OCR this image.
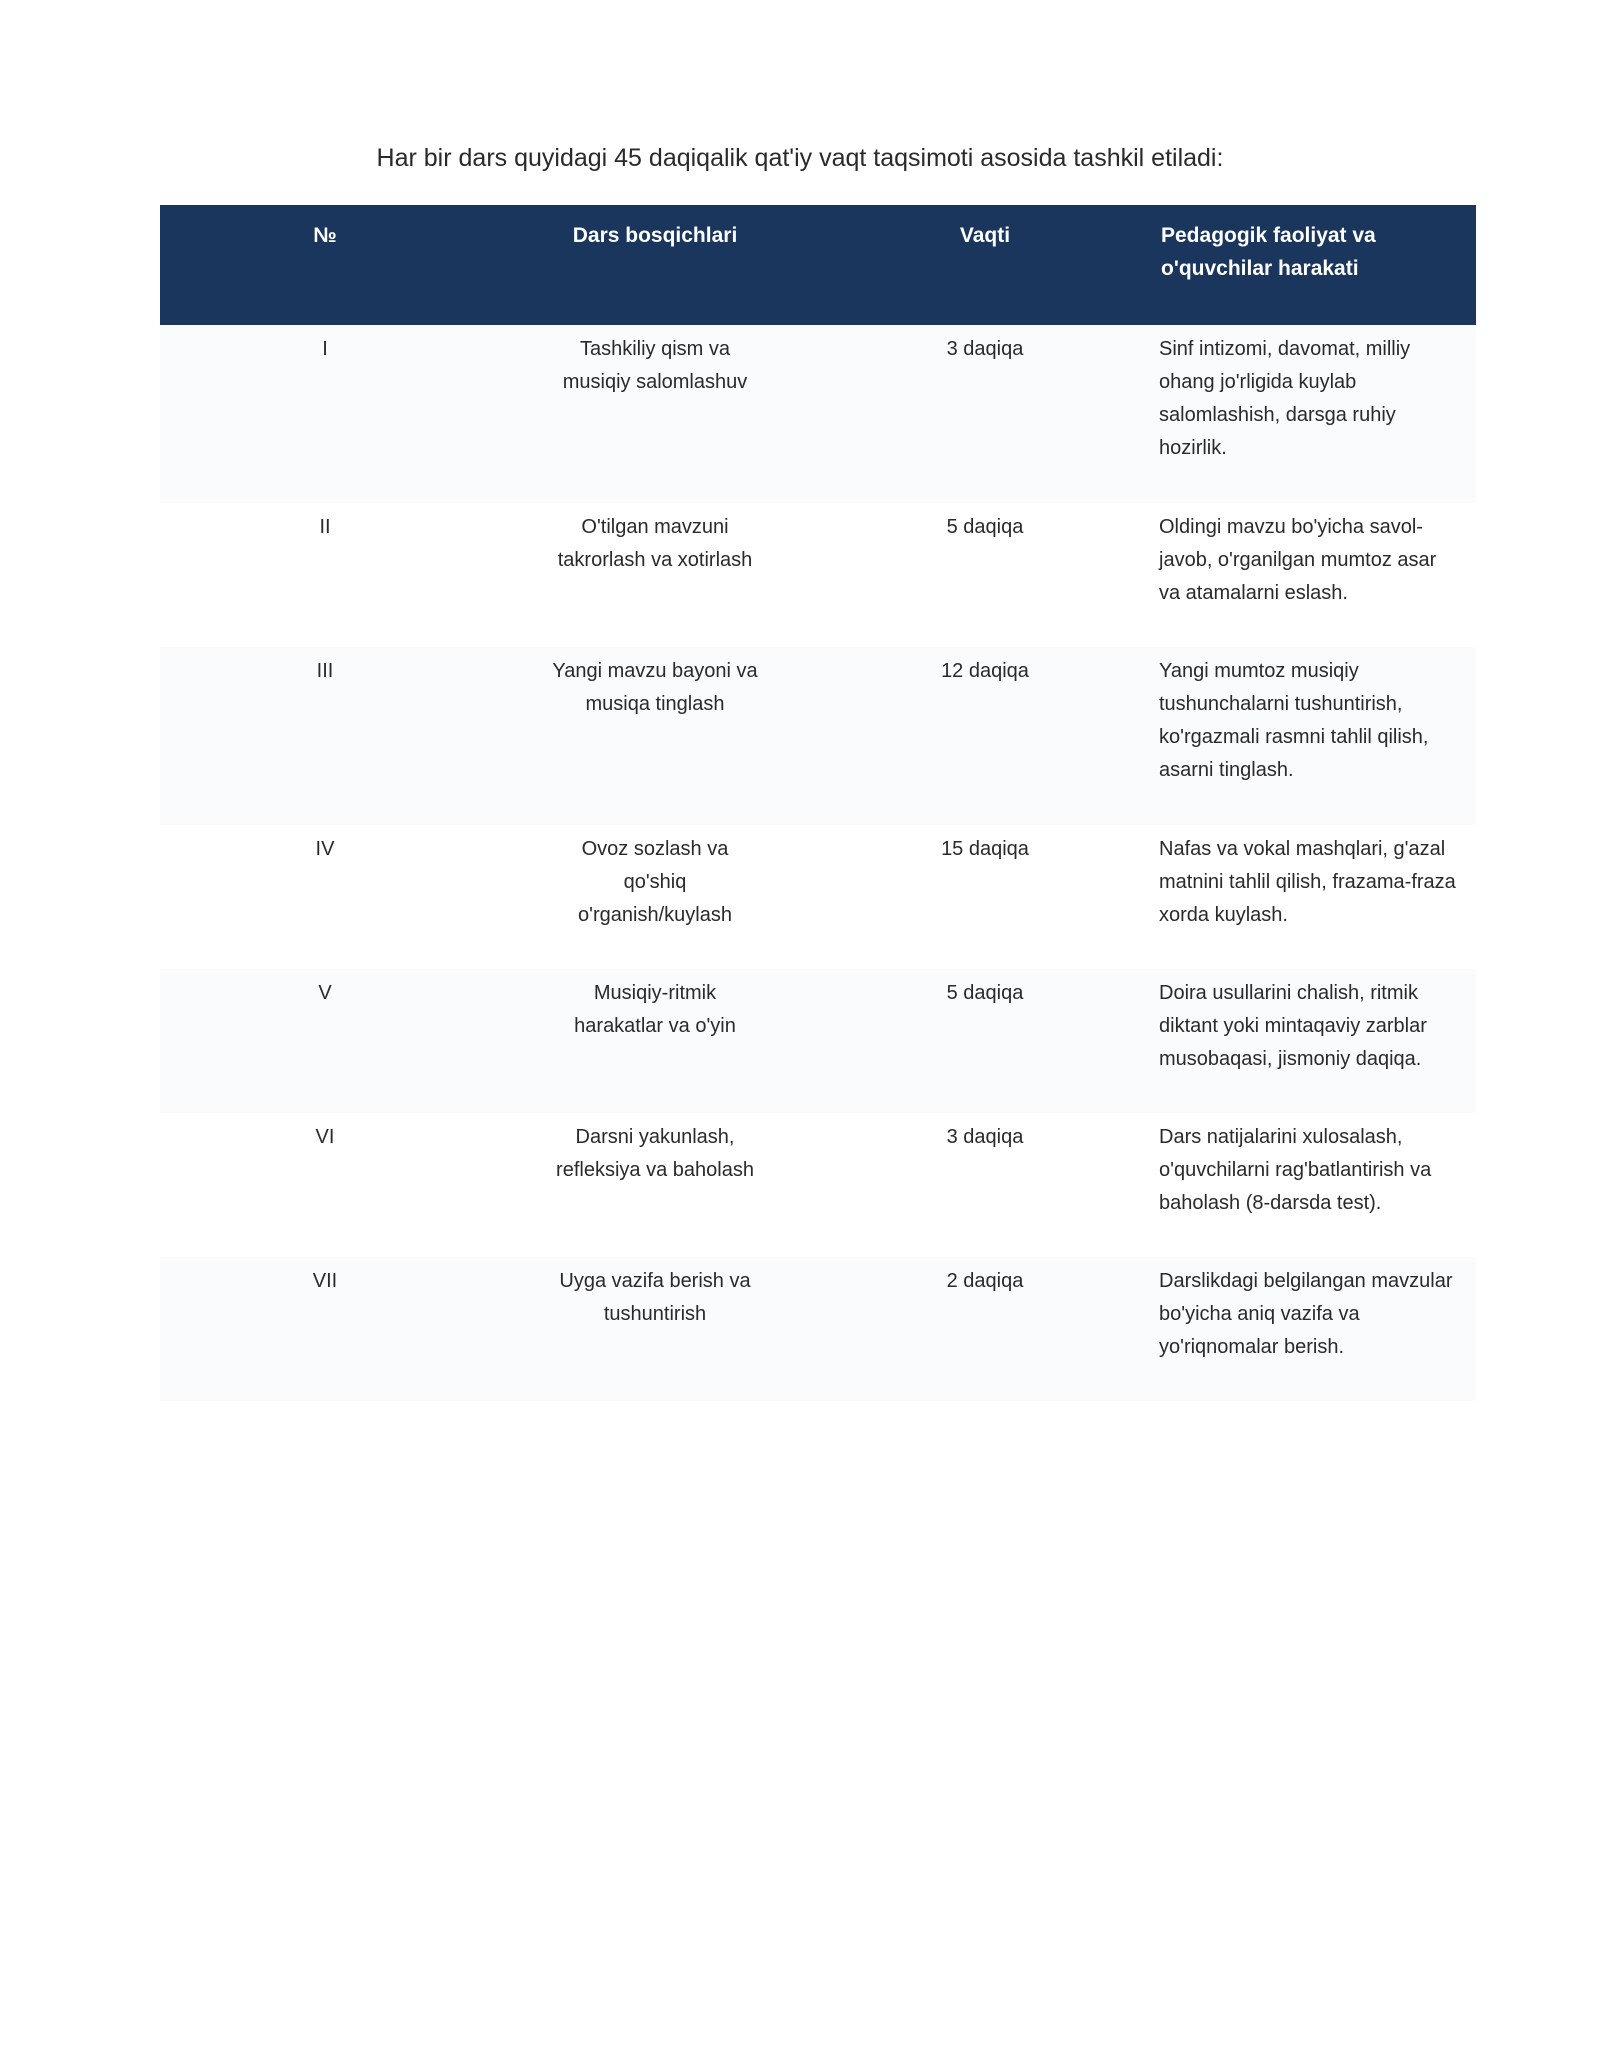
Har bir dars quyidagi 45 daqiqalik qat'iy vaqt taqsimoti asosida tashkil etiladi:

№	Dars bosqichlari	Vaqti	Pedagogik faoliyat va o'quvchilar harakati
I	Tashkiliy qism va musiqiy salomlashuv	3 daqiqa	Sinf intizomi, davomat, milliy ohang jo'rligida kuylab salomlashish, darsga ruhiy hozirlik.
II	O'tilgan mavzuni takrorlash va xotirlash	5 daqiqa	Oldingi mavzu bo'yicha savol-javob, o'rganilgan mumtoz asar va atamalarni eslash.
III	Yangi mavzu bayoni va musiqa tinglash	12 daqiqa	Yangi mumtoz musiqiy tushunchalarni tushuntirish, ko'rgazmali rasmni tahlil qilish, asarni tinglash.
IV	Ovoz sozlash va qo'shiq o'rganish/kuylash	15 daqiqa	Nafas va vokal mashqlari, g'azal matnini tahlil qilish, frazama-fraza xorda kuylash.
V	Musiqiy-ritmik harakatlar va o'yin	5 daqiqa	Doira usullarini chalish, ritmik diktant yoki mintaqaviy zarblar musobaqasi, jismoniy daqiqa.
VI	Darsni yakunlash, refleksiya va baholash	3 daqiqa	Dars natijalarini xulosalash, o'quvchilarni rag'batlantirish va baholash (8-darsda test).
VII	Uyga vazifa berish va tushuntirish	2 daqiqa	Darslikdagi belgilangan mavzular bo'yicha aniq vazifa va yo'riqnomalar berish.
